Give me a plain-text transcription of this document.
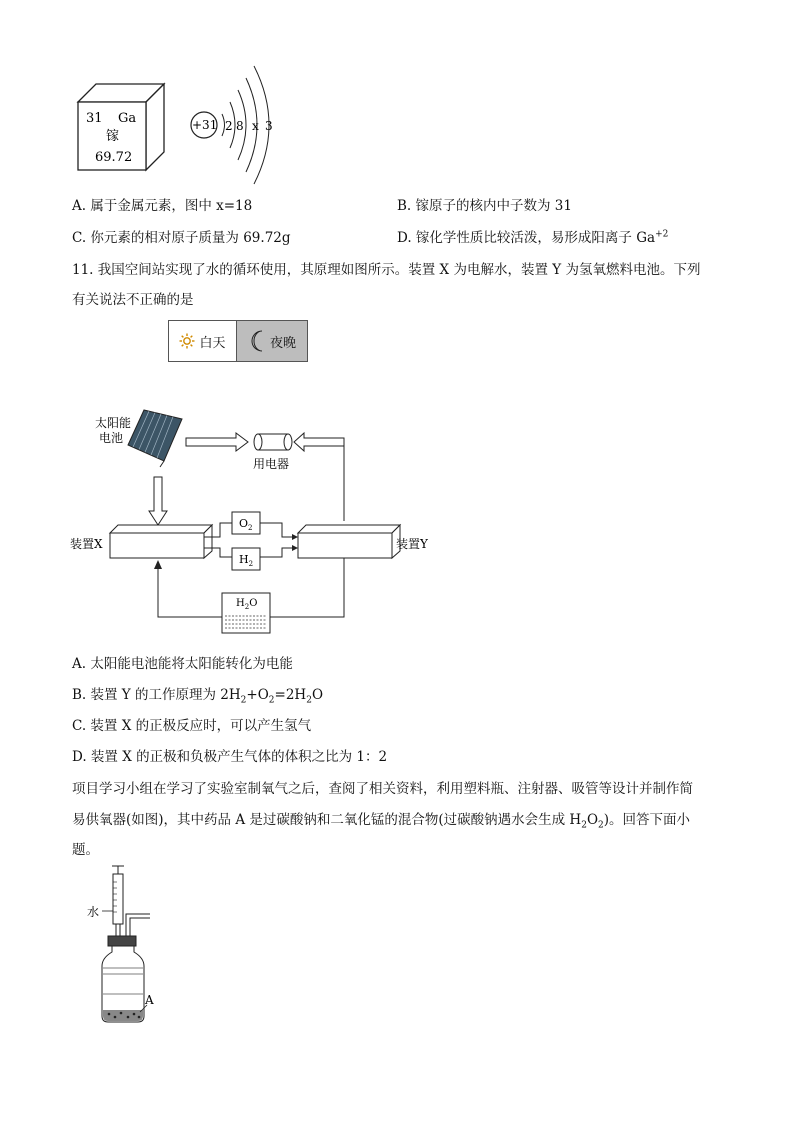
31 Ga
镓
69.72
+31 2 8 x 3
A. 属于金属元素，图中 x=18	B. 镓原子的核内中子数为 31
C. 你元素的相对原子质量为 69.72g	D. 镓化学性质比较活泼，易形成阳离子 $Ga^{+2}$
11. 我国空间站实现了水的循环使用，其原理如图所示。装置 X 为电解水，装置 Y 为氢氧燃料电池。下列
有关说法不正确的是
白天	夜晚
太阳能
电池
用电器
装置X	装置Y
$O_2$
$H_2$
$H_2O$
A. 太阳能电池能将太阳能转化为电能
B. 装置 Y 的工作原理为 $2H_2+O_2=2H_2O$
C. 装置 X 的正极反应时，可以产生氢气
D. 装置 X 的正极和负极产生气体的体积之比为 1：2
项目学习小组在学习了实验室制氧气之后，查阅了相关资料，利用塑料瓶、注射器、吸管等设计并制作简
易供氧器(如图)，其中药品 A 是过碳酸钠和二氧化锰的混合物(过碳酸钠遇水会生成 $H_2O_2$)。回答下面小
题。
水
A
